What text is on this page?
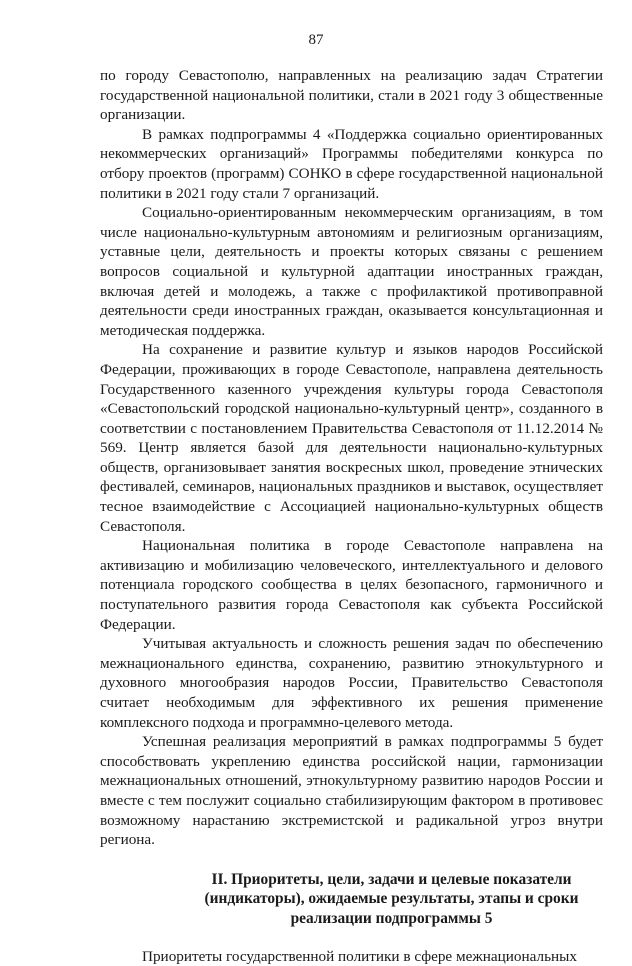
87

по городу Севастополю, направленных на реализацию задач Стратегии государственной национальной политики, стали в 2021 году 3 общественные организации.

В рамках подпрограммы 4 «Поддержка социально ориентированных некоммерческих организаций» Программы победителями конкурса по отбору проектов (программ) СОНКО в сфере государственной национальной политики в 2021 году стали 7 организаций.

Социально-ориентированным некоммерческим организациям, в том числе национально-культурным автономиям и религиозным организациям, уставные цели, деятельность и проекты которых связаны с решением вопросов социальной и культурной адаптации иностранных граждан, включая детей и молодежь, а также с профилактикой противоправной деятельности среди иностранных граждан, оказывается консультационная и методическая поддержка.

На сохранение и развитие культур и языков народов Российской Федерации, проживающих в городе Севастополе, направлена деятельность Государственного казенного учреждения культуры города Севастополя «Севастопольский городской национально-культурный центр», созданного в соответствии с постановлением Правительства Севастополя от 11.12.2014 № 569. Центр является базой для деятельности национально-культурных обществ, организовывает занятия воскресных школ, проведение этнических фестивалей, семинаров, национальных праздников и выставок, осуществляет тесное взаимодействие с Ассоциацией национально-культурных обществ Севастополя.

Национальная политика в городе Севастополе направлена на активизацию и мобилизацию человеческого, интеллектуального и делового потенциала городского сообщества в целях безопасного, гармоничного и поступательного развития города Севастополя как субъекта Российской Федерации.

Учитывая актуальность и сложность решения задач по обеспечению межнационального единства, сохранению, развитию этнокультурного и духовного многообразия народов России, Правительство Севастополя считает необходимым для эффективного их решения применение комплексного подхода и программно-целевого метода.

Успешная реализация мероприятий в рамках подпрограммы 5 будет способствовать укреплению единства российской нации, гармонизации межнациональных отношений, этнокультурному развитию народов России и вместе с тем послужит социально стабилизирующим фактором в противовес возможному нарастанию экстремистской и радикальной угроз внутри региона.

II. Приоритеты, цели, задачи и целевые показатели (индикаторы), ожидаемые результаты, этапы и сроки реализации подпрограммы 5

Приоритеты государственной политики в сфере межнациональных
